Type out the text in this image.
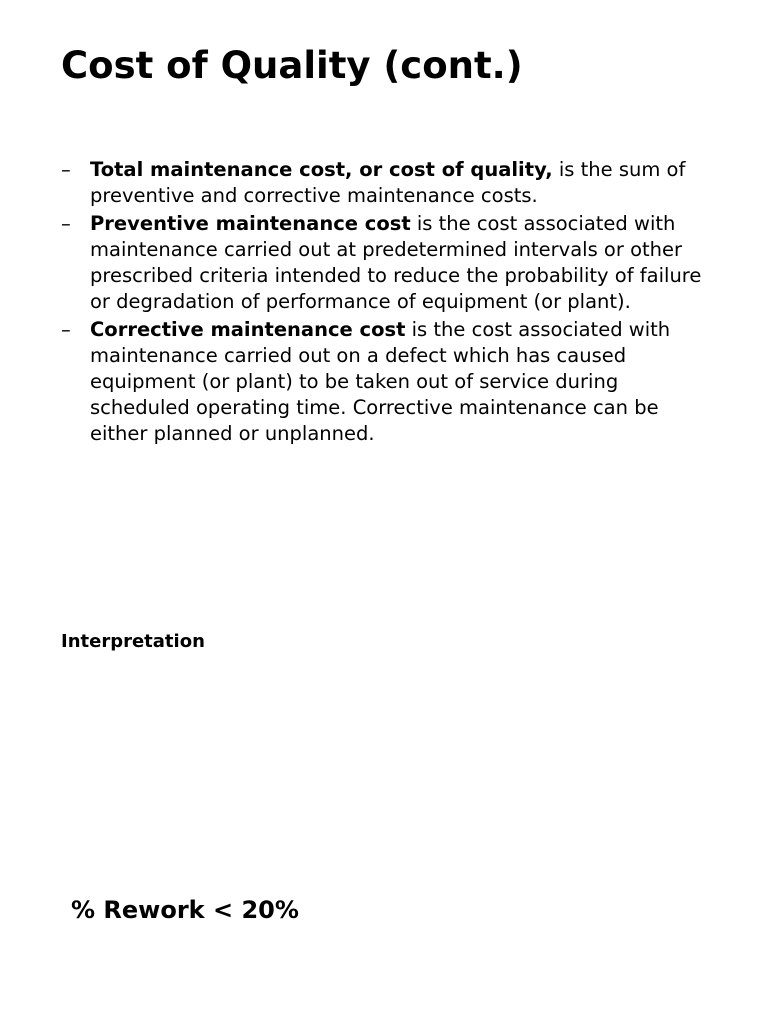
Cost of Quality (cont.)
– Total maintenance cost, or cost of quality, is the sum of preventive and corrective maintenance costs.
– Preventive maintenance cost is the cost associated with maintenance carried out at predetermined intervals or other prescribed criteria intended to reduce the probability of failure or degradation of performance of equipment (or plant).
– Corrective maintenance cost is the cost associated with maintenance carried out on a defect which has caused equipment (or plant) to be taken out of service during scheduled operating time. Corrective maintenance can be either planned or unplanned.
Interpretation
% Rework < 20%
